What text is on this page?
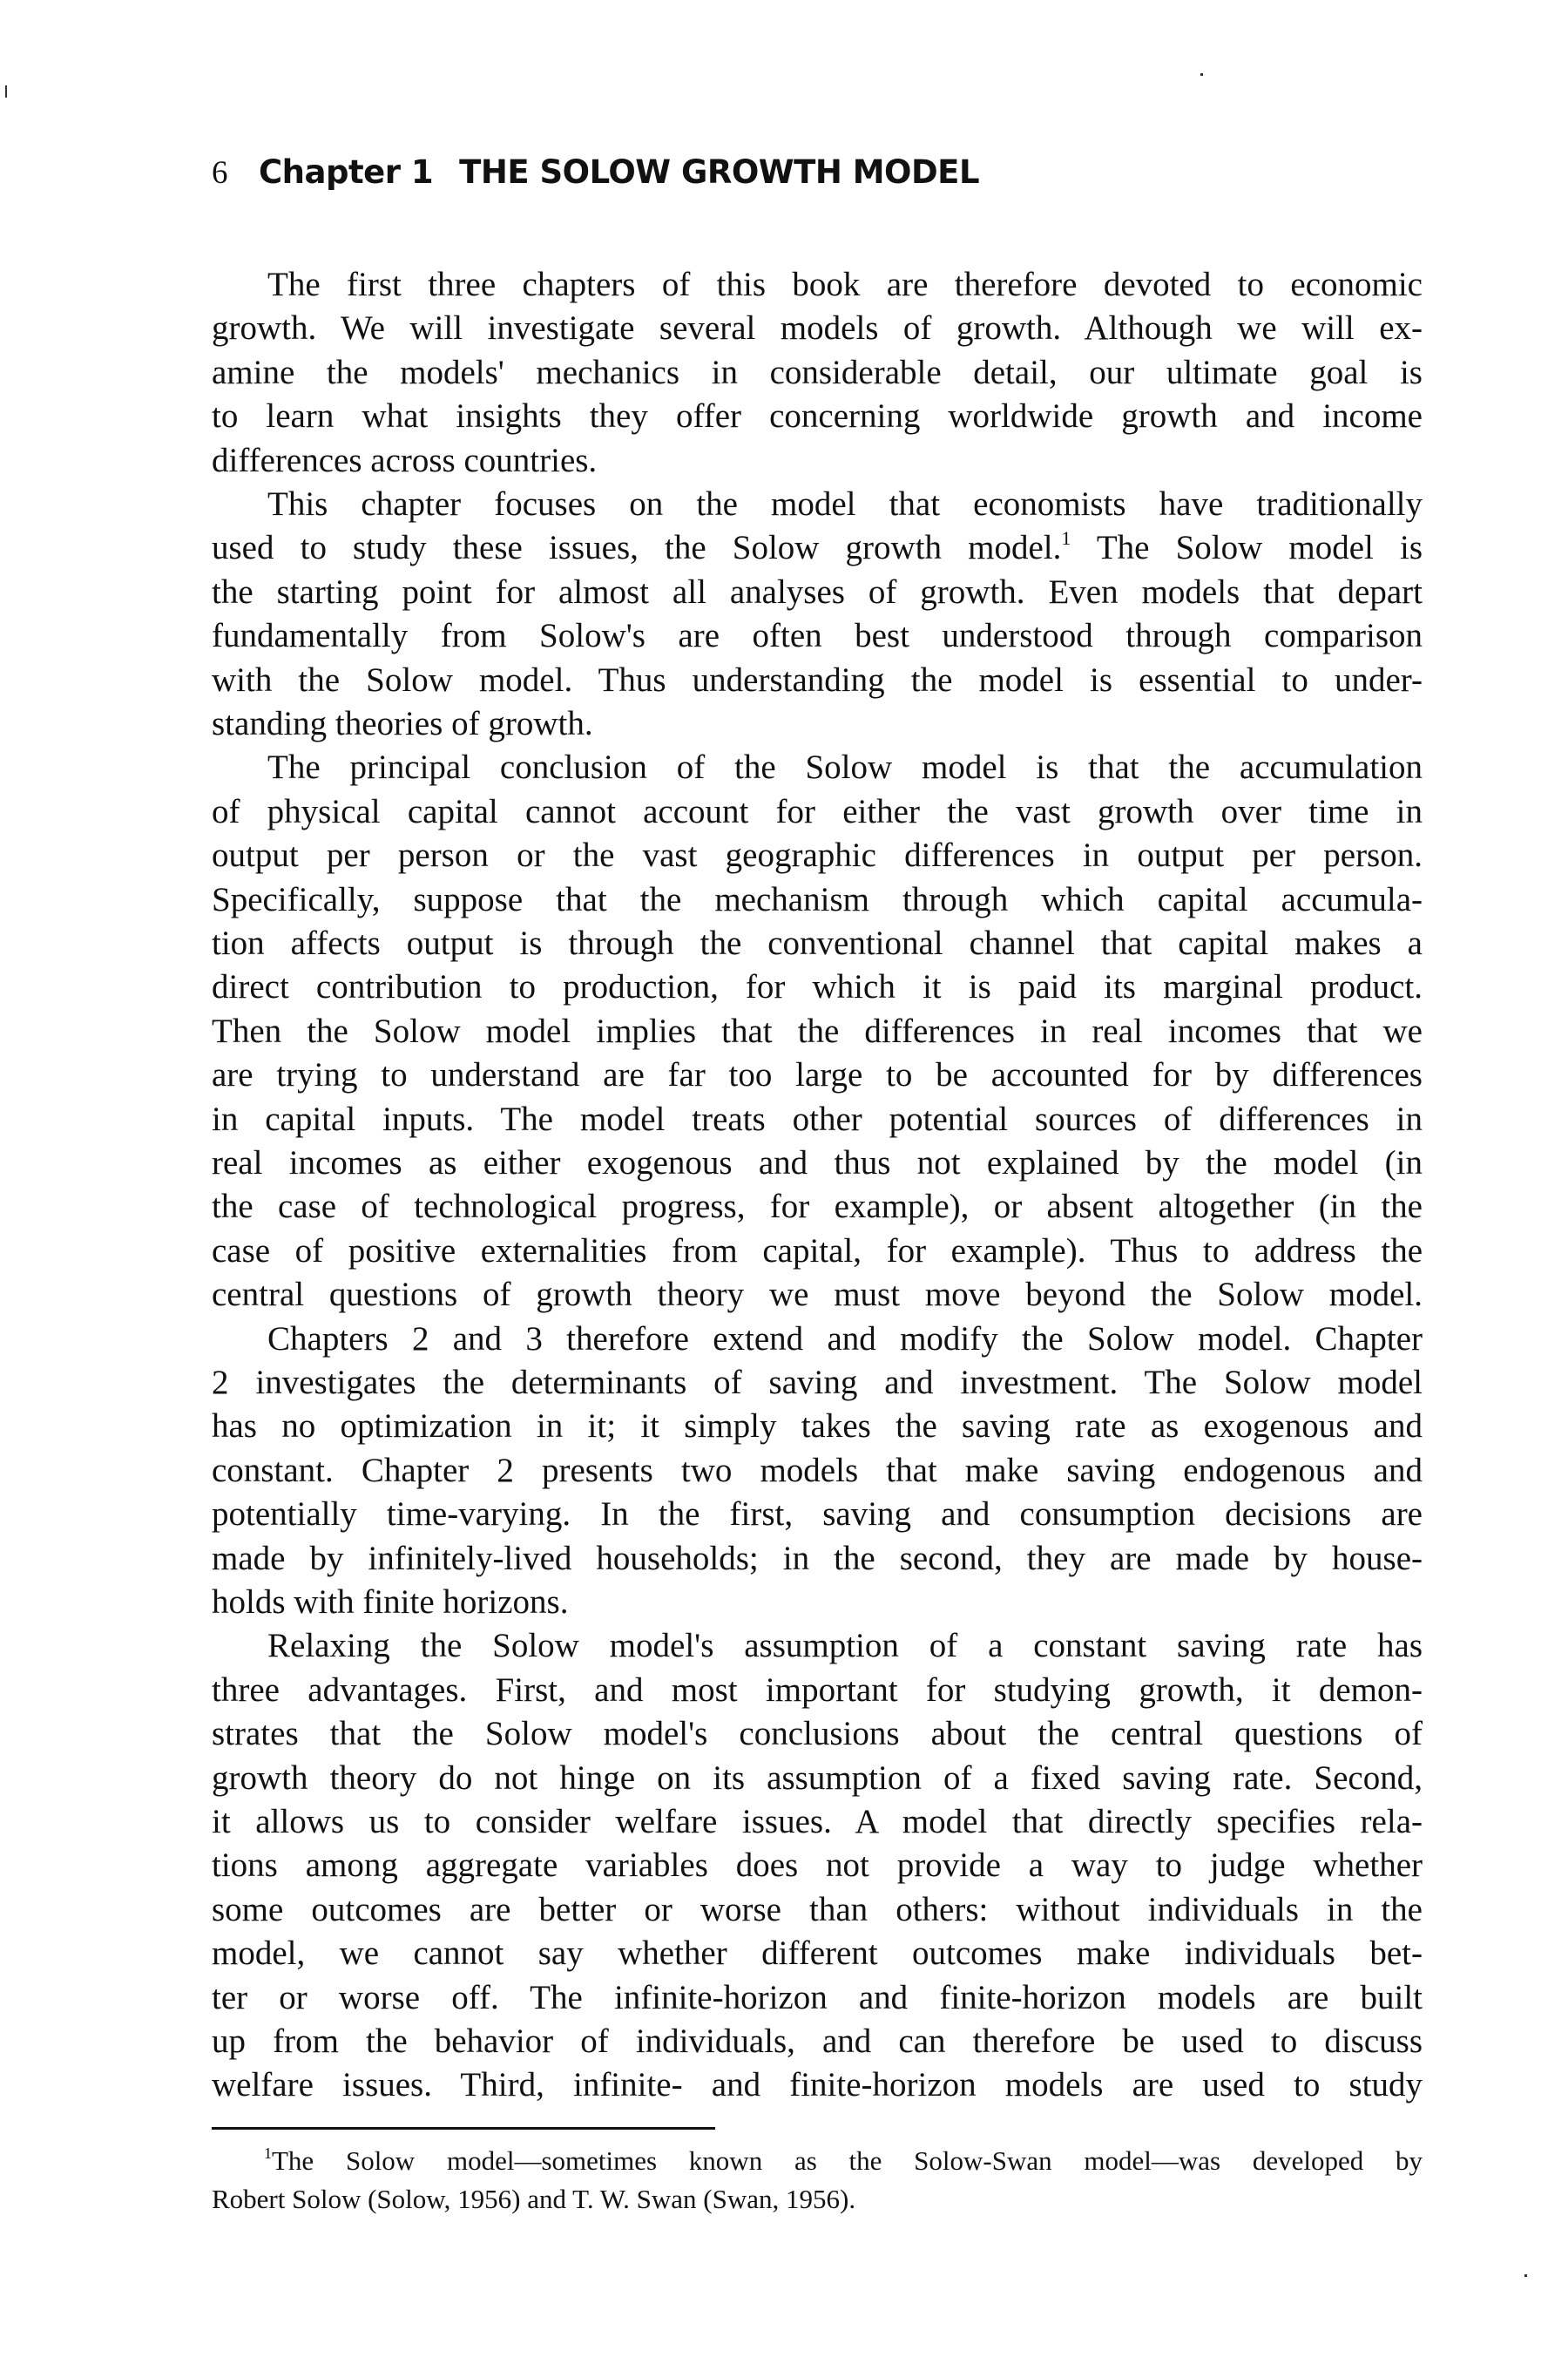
6 Chapter 1 THE SOLOW GROWTH MODEL
The first three chapters of this book are therefore devoted to economic
growth. We will investigate several models of growth. Although we will ex-
amine the models' mechanics in considerable detail, our ultimate goal is
to learn what insights they offer concerning worldwide growth and income
differences across countries.
This chapter focuses on the model that economists have traditionally
used to study these issues, the Solow growth model.$^1$ The Solow model is
the starting point for almost all analyses of growth. Even models that depart
fundamentally from Solow's are often best understood through comparison
with the Solow model. Thus understanding the model is essential to under-
standing theories of growth.
The principal conclusion of the Solow model is that the accumulation
of physical capital cannot account for either the vast growth over time in
output per person or the vast geographic differences in output per person.
Specifically, suppose that the mechanism through which capital accumula-
tion affects output is through the conventional channel that capital makes a
direct contribution to production, for which it is paid its marginal product.
Then the Solow model implies that the differences in real incomes that we
are trying to understand are far too large to be accounted for by differences
in capital inputs. The model treats other potential sources of differences in
real incomes as either exogenous and thus not explained by the model (in
the case of technological progress, for example), or absent altogether (in the
case of positive externalities from capital, for example). Thus to address the
central questions of growth theory we must move beyond the Solow model.
Chapters 2 and 3 therefore extend and modify the Solow model. Chapter
2 investigates the determinants of saving and investment. The Solow model
has no optimization in it; it simply takes the saving rate as exogenous and
constant. Chapter 2 presents two models that make saving endogenous and
potentially time-varying. In the first, saving and consumption decisions are
made by infinitely-lived households; in the second, they are made by house-
holds with finite horizons.
Relaxing the Solow model's assumption of a constant saving rate has
three advantages. First, and most important for studying growth, it demon-
strates that the Solow model's conclusions about the central questions of
growth theory do not hinge on its assumption of a fixed saving rate. Second,
it allows us to consider welfare issues. A model that directly specifies rela-
tions among aggregate variables does not provide a way to judge whether
some outcomes are better or worse than others: without individuals in the
model, we cannot say whether different outcomes make individuals bet-
ter or worse off. The infinite-horizon and finite-horizon models are built
up from the behavior of individuals, and can therefore be used to discuss
welfare issues. Third, infinite- and finite-horizon models are used to study
$^1$The Solow model—sometimes known as the Solow-Swan model—was developed by
Robert Solow (Solow, 1956) and T. W. Swan (Swan, 1956).
